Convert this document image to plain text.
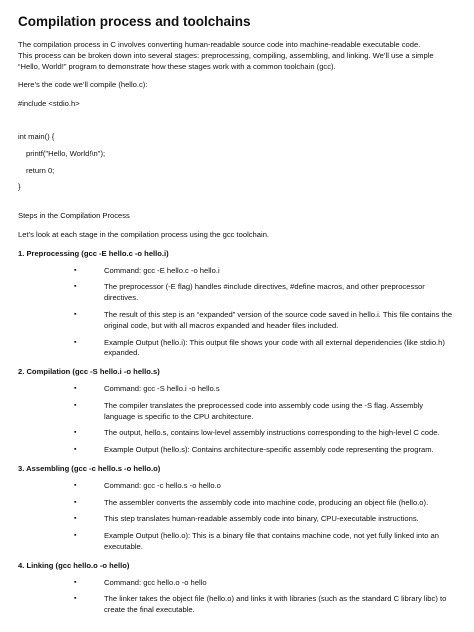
Compilation process and toolchains

The compilation process in C involves converting human-readable source code into machine-readable executable code.

This process can be broken down into several stages: preprocessing, compiling, assembling, and linking. We’ll use a simple

“Hello, World!” program to demonstrate how these stages work with a common toolchain (gcc).

Here’s the code we’ll compile (hello.c):

#include <stdio.h>

int main() {

printf("Hello, World!\n");

return 0;

}

Steps in the Compilation Process

Let’s look at each stage in the compilation process using the gcc toolchain.

1. Preprocessing (gcc -E hello.c -o hello.i)
▪	Command: gcc -E hello.c -o hello.i
▪	The preprocessor (-E flag) handles #include directives, #define macros, and other preprocessor directives.
▪	The result of this step is an “expanded” version of the source code saved in hello.i. This file contains the original code, but with all macros expanded and header files included.
▪	Example Output (hello.i): This output file shows your code with all external dependencies (like stdio.h) expanded.
2. Compilation (gcc -S hello.i -o hello.s)
▪	Command: gcc -S hello.i -o hello.s
▪	The compiler translates the preprocessed code into assembly code using the -S flag. Assembly language is specific to the CPU architecture.
▪	The output, hello.s, contains low-level assembly instructions corresponding to the high-level C code.
▪	Example Output (hello.s): Contains architecture-specific assembly code representing the program.
3. Assembling (gcc -c hello.s -o hello.o)
▪	Command: gcc -c hello.s -o hello.o
▪	The assembler converts the assembly code into machine code, producing an object file (hello.o).
▪	This step translates human-readable assembly code into binary, CPU-executable instructions.
▪	Example Output (hello.o): This is a binary file that contains machine code, not yet fully linked into an executable.
4. Linking (gcc hello.o -o hello)
▪	Command: gcc hello.o -o hello
▪	The linker takes the object file (hello.o) and links it with libraries (such as the standard C library libc) to create the final executable.
